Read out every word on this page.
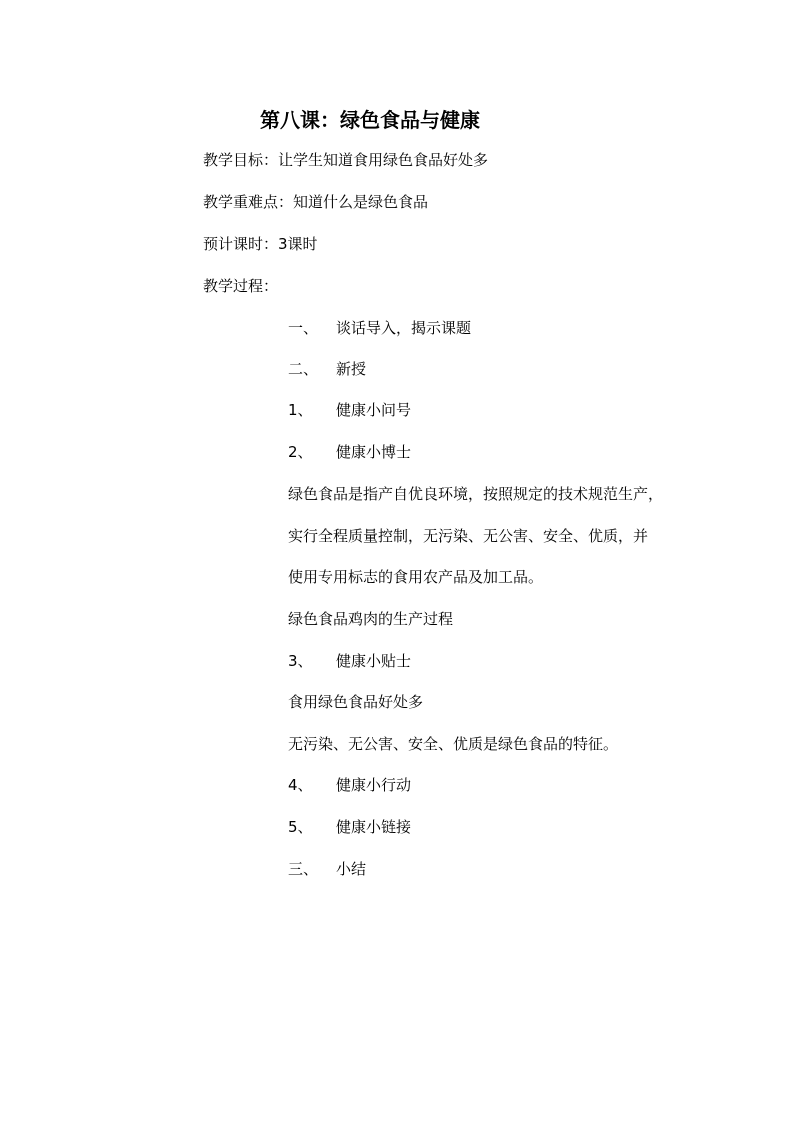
第八课：绿色食品与健康
教学目标：让学生知道食用绿色食品好处多
教学重难点：知道什么是绿色食品
预计课时：3课时
教学过程：
一、 谈话导入，揭示课题
二、 新授
1、 健康小问号
2、 健康小博士
绿色食品是指产自优良环境，按照规定的技术规范生产，
实行全程质量控制，无污染、无公害、安全、优质，并
使用专用标志的食用农产品及加工品。
绿色食品鸡肉的生产过程
3、 健康小贴士
食用绿色食品好处多
无污染、无公害、安全、优质是绿色食品的特征。
4、 健康小行动
5、 健康小链接
三、 小结
